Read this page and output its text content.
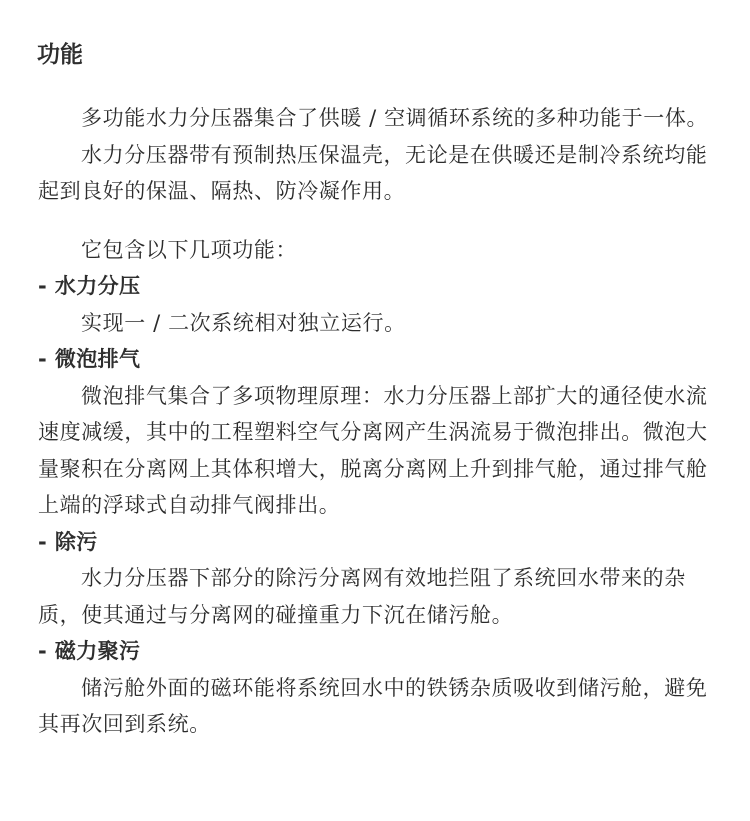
功能

多功能水力分压器集合了供暖 / 空调循环系统的多种功能于一体。

水力分压器带有预制热压保温壳，无论是在供暖还是制冷系统均能起到良好的保温、隔热、防冷凝作用。

它包含以下几项功能：

- 水力分压

实现一 / 二次系统相对独立运行。

- 微泡排气

微泡排气集合了多项物理原理：水力分压器上部扩大的通径使水流速度减缓，其中的工程塑料空气分离网产生涡流易于微泡排出。微泡大量聚积在分离网上其体积增大，脱离分离网上升到排气舱，通过排气舱上端的浮球式自动排气阀排出。

- 除污

水力分压器下部分的除污分离网有效地拦阻了系统回水带来的杂质，使其通过与分离网的碰撞重力下沉在储污舱。

- 磁力聚污

储污舱外面的磁环能将系统回水中的铁锈杂质吸收到储污舱，避免其再次回到系统。
